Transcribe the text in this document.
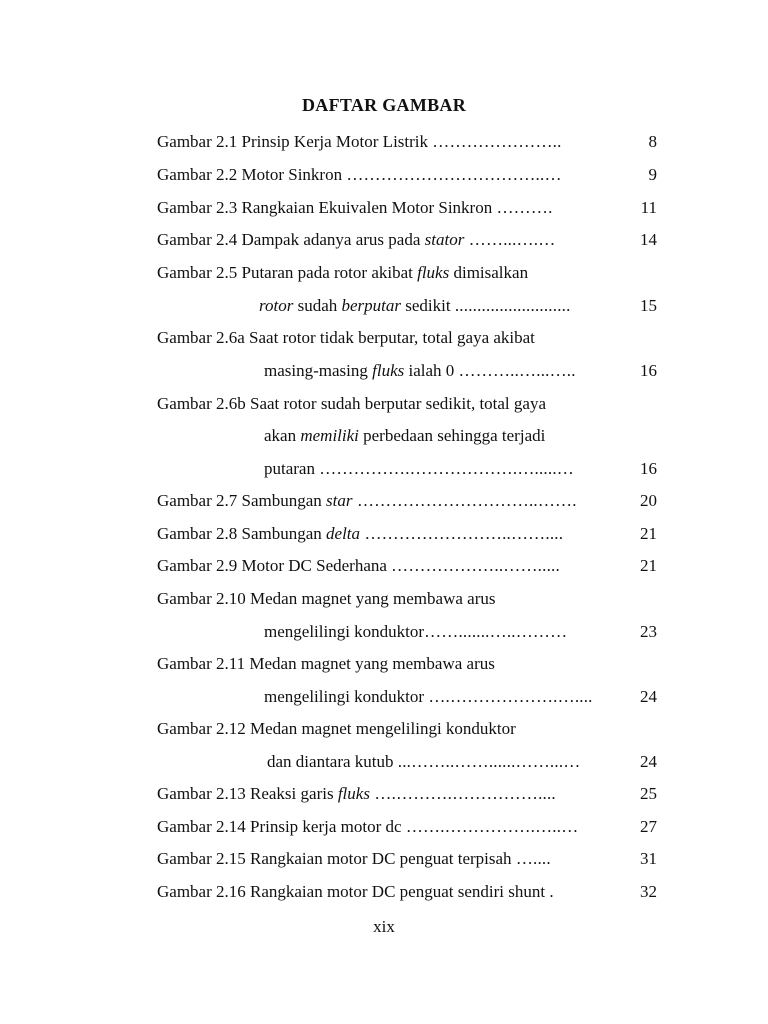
DAFTAR GAMBAR
Gambar 2.1 Prinsip Kerja Motor Listrik …………………..	8
Gambar 2.2 Motor Sinkron ……………………………..…	9
Gambar 2.3 Rangkaian Ekuivalen Motor Sinkron ……….	11
Gambar 2.4 Dampak adanya arus pada stator ……...….…	14
Gambar 2.5 Putaran pada rotor akibat fluks dimisalkan
rotor sudah berputar sedikit ..........................	15
Gambar 2.6a Saat rotor tidak berputar, total gaya akibat
masing-masing fluks ialah 0 ………..…...…..	16
Gambar 2.6b Saat rotor sudah berputar sedikit, total gaya
akan memiliki perbedaan sehingga terjadi
putaran …………….……………….….....…	16
Gambar 2.7 Sambungan star …………………………..…….	20
Gambar 2.8 Sambungan delta ……………………..……....	21
Gambar 2.9 Motor DC Sederhana ………………..…….....	21
Gambar 2.10 Medan magnet yang membawa arus
mengelilingi konduktor…….......…..………	23
Gambar 2.11 Medan magnet yang membawa arus
mengelilingi konduktor ….……………….…....	24
Gambar 2.12 Medan magnet mengelilingi konduktor
dan diantara kutub ...……..……......……...…	24
Gambar 2.13 Reaksi garis fluks ….……….……………....	25
Gambar 2.14 Prinsip kerja motor dc …….…………….…..…	27
Gambar 2.15 Rangkaian motor DC penguat terpisah …....	31
Gambar 2.16 Rangkaian motor DC penguat sendiri shunt .	32
xix
